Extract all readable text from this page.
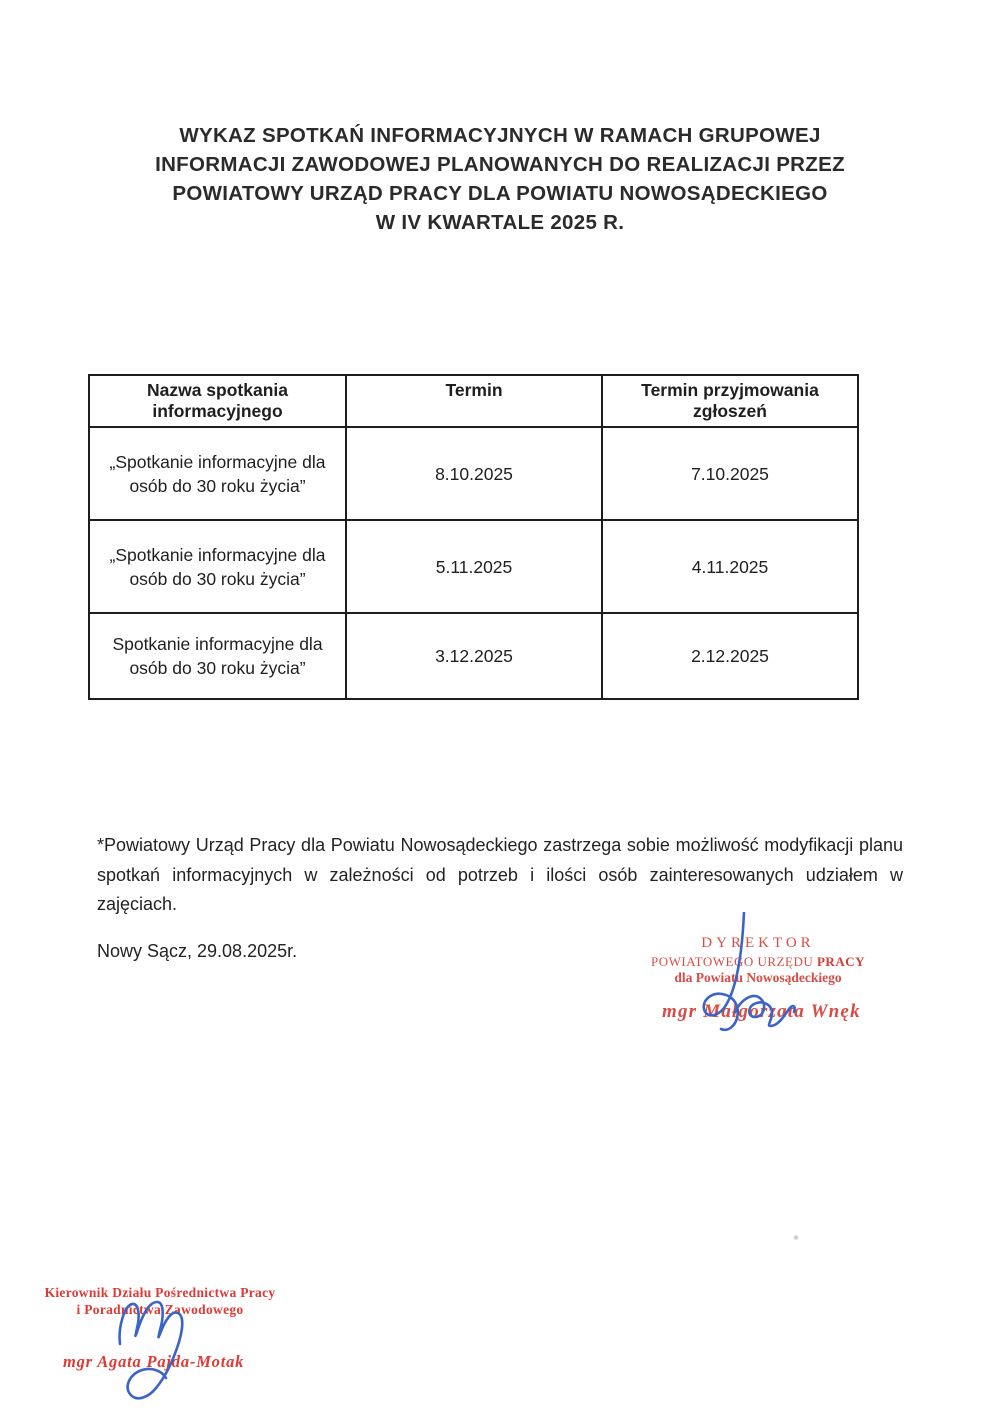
WYKAZ SPOTKAŃ INFORMACYJNYCH W RAMACH GRUPOWEJ
INFORMACJI ZAWODOWEJ PLANOWANYCH DO REALIZACJI PRZEZ
POWIATOWY URZĄD PRACY DLA POWIATU NOWOSĄDECKIEGO
W IV KWARTALE 2025 R.
Nazwa spotkania informacyjnego	Termin	Termin przyjmowania zgłoszeń
„Spotkanie informacyjne dla osób do 30 roku życia”	8.10.2025	7.10.2025
„Spotkanie informacyjne dla osób do 30 roku życia”	5.11.2025	4.11.2025
Spotkanie informacyjne dla osób do 30 roku życia”	3.12.2025	2.12.2025
*Powiatowy Urząd Pracy dla Powiatu Nowosądeckiego zastrzega sobie możliwość modyfikacji planu spotkań informacyjnych w zależności od potrzeb i ilości osób zainteresowanych udziałem w zajęciach.
Nowy Sącz, 29.08.2025r.	DYREKTOR
POWIATOWEGO URZĘDU PRACY
dla Powiatu Nowosądeckiego
mgr Małgorzata Wnęk
Kierownik Działu Pośrednictwa Pracy
i Poradnictwa Zawodowego
mgr Agata Pajda-Motak
